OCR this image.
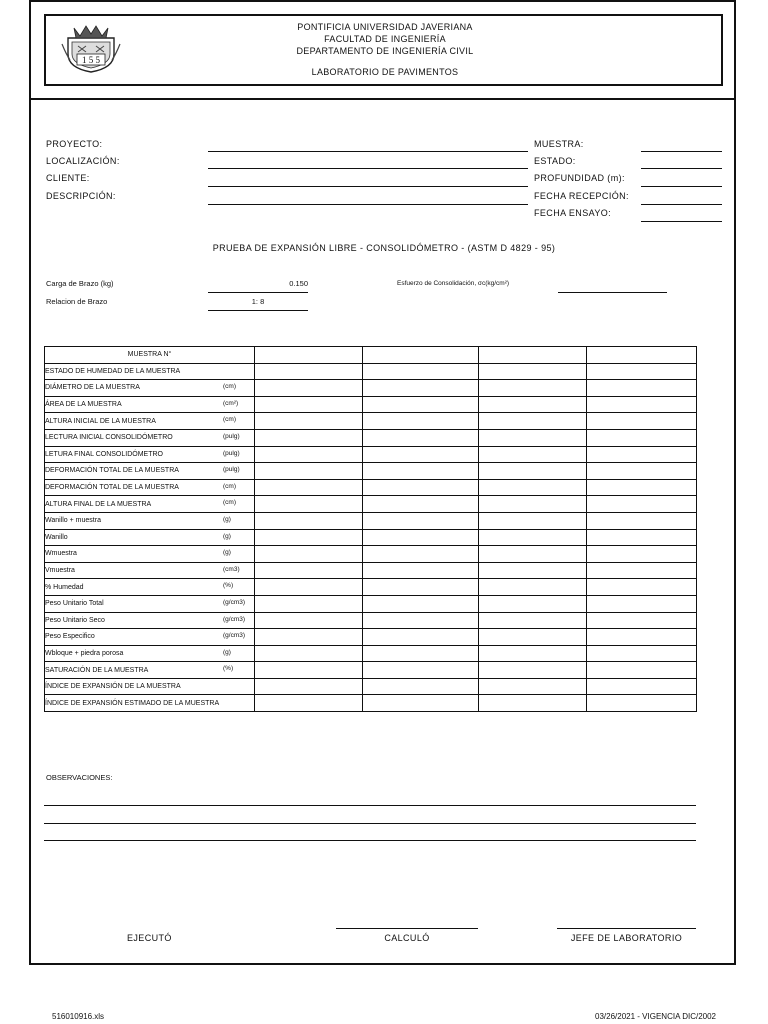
1 5 5
PONTIFICIA UNIVERSIDAD JAVERIANA
FACULTAD DE INGENIERÍA
DEPARTAMENTO DE INGENIERÍA CIVIL
LABORATORIO DE PAVIMENTOS
PROYECTO:
LOCALIZACIÓN:
CLIENTE:
DESCRIPCIÓN:
MUESTRA:
ESTADO:
PROFUNDIDAD (m):
FECHA RECEPCIÓN:
FECHA ENSAYO:
PRUEBA DE EXPANSIÓN LIBRE - CONSOLIDÓMETRO - (ASTM D 4829 - 95)
Carga de Brazo (kg)	0.150
Relacion de Brazo	1: 8
Esfuerzo de Consolidación, σc(kg/cm²)
MUESTRA N°				
ESTADO DE HUMEDAD DE LA MUESTRA				
DIÁMETRO DE LA MUESTRA (cm)				

ÁREA DE LA MUESTRA (cm²)				

ALTURA INICIAL DE LA MUESTRA (cm)				

LECTURA INICIAL CONSOLIDÓMETRO (pulg)				

LETURA FINAL CONSOLIDÓMETRO (pulg)				

DEFORMACIÓN TOTAL DE LA MUESTRA (pulg)				

DEFORMACIÓN TOTAL DE LA MUESTRA (cm)				

ALTURA FINAL DE LA MUESTRA (cm)				

Wanillo + muestra (g)				

Wanillo (g)				

Wmuestra (g)				

Vmuestra (cm3)				

% Humedad (%)				

Peso Unitario Total (g/cm3)				

Peso Unitario Seco (g/cm3)				

Peso Especifico (g/cm3)				

Wbloque + piedra porosa (g)				

SATURACIÓN DE LA MUESTRA (%)				

ÍNDICE DE EXPANSIÓN DE LA MUESTRA				
ÍNDICE DE EXPANSIÓN ESTIMADO DE LA MUESTRA				
OBSERVACIONES:
EJECUTÓ	CALCULÓ	JEFE DE LABORATORIO
516010916.xls	03/26/2021 - VIGENCIA DIC/2002
